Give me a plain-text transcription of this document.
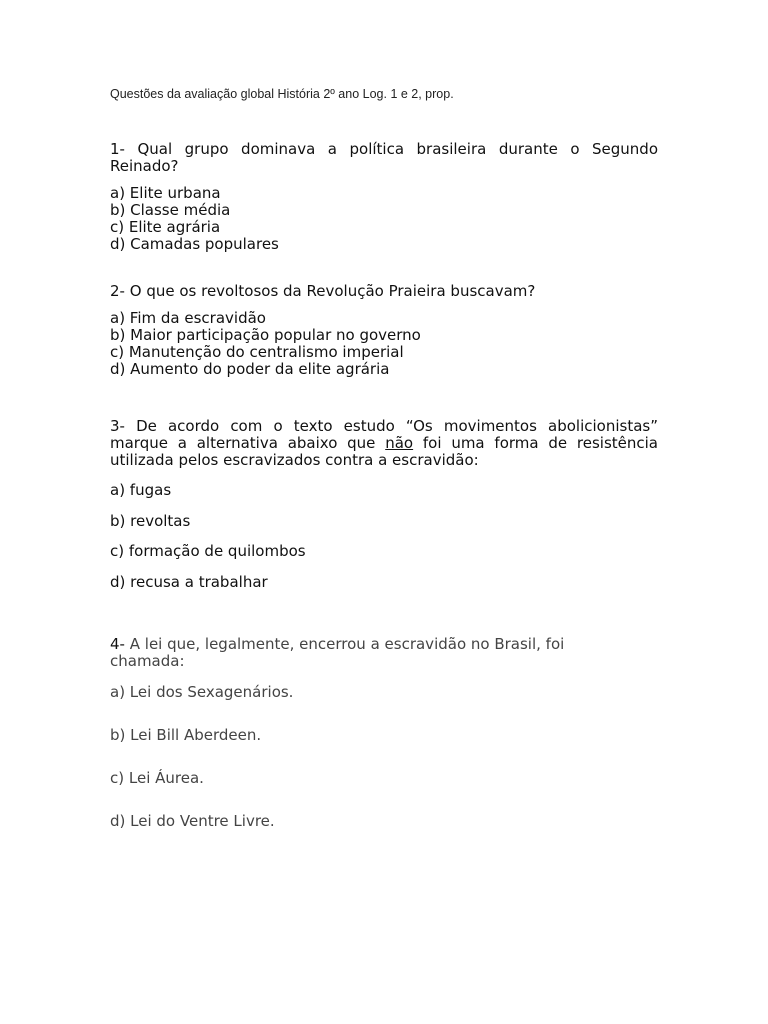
Questões da avaliação global História 2º ano Log. 1 e 2, prop.

1- Qual grupo dominava a política brasileira durante o Segundo Reinado?

a) Elite urbana
b) Classe média
c) Elite agrária
d) Camadas populares

2- O que os revoltosos da Revolução Praieira buscavam?

a) Fim da escravidão
b) Maior participação popular no governo
c) Manutenção do centralismo imperial
d) Aumento do poder da elite agrária

3- De acordo com o texto estudo “Os movimentos abolicionistas” marque a alternativa abaixo que não foi uma forma de resistência utilizada pelos escravizados contra a escravidão:

a) fugas
b) revoltas
c) formação de quilombos
d) recusa a trabalhar

4- A lei que, legalmente, encerrou a escravidão no Brasil, foi chamada:

a) Lei dos Sexagenários.
b) Lei Bill Aberdeen.
c) Lei Áurea.
d) Lei do Ventre Livre.
